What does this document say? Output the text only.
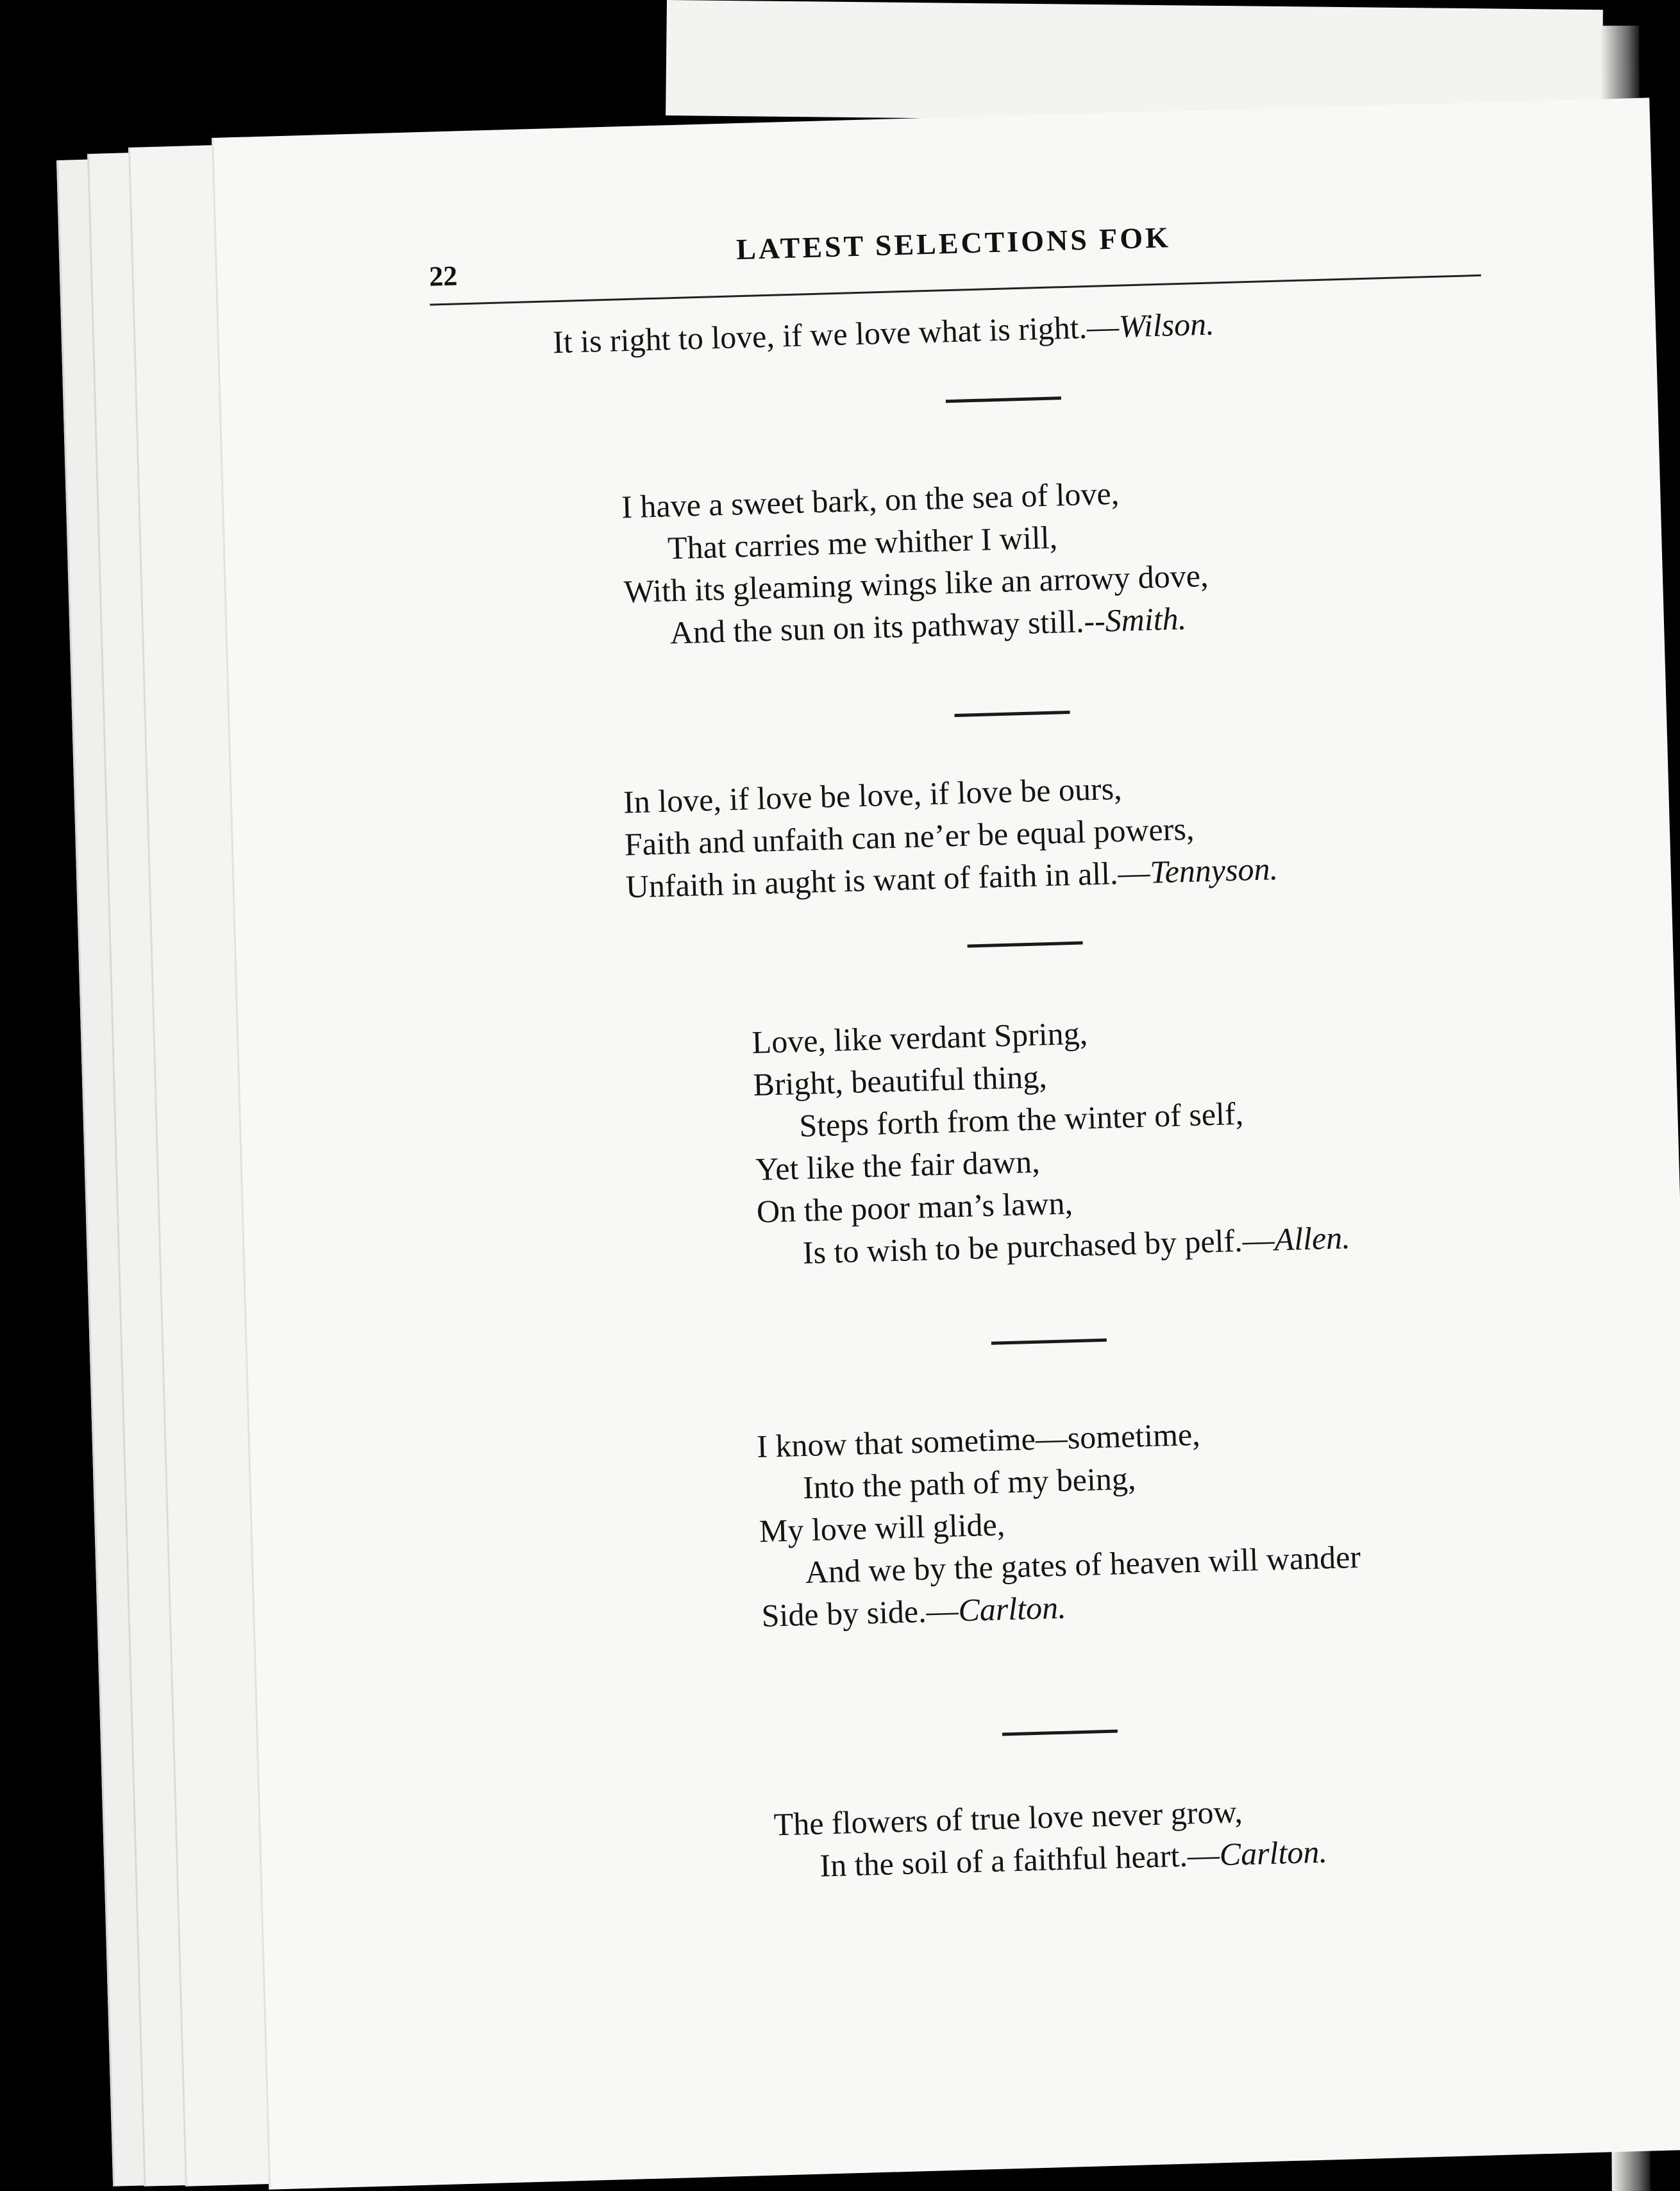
22

LATEST SELECTIONS FOK

It is right to love, if we love what is right.—Wilson.

I have a sweet bark, on the sea of love,
That carries me whither I will,
With its gleaming wings like an arrowy dove,
And the sun on its pathway still.--Smith.

In love, if love be love, if love be ours,
Faith and unfaith can ne’er be equal powers,
Unfaith in aught is want of faith in all.—Tennyson.

Love, like verdant Spring,
Bright, beautiful thing,
Steps forth from the winter of self,
Yet like the fair dawn,
On the poor man’s lawn,
Is to wish to be purchased by pelf.—Allen.

I know that sometime—sometime,
Into the path of my being,
My love will glide,
And we by the gates of heaven will wander
Side by side.—Carlton.

The flowers of true love never grow,
In the soil of a faithful heart.—Carlton.
